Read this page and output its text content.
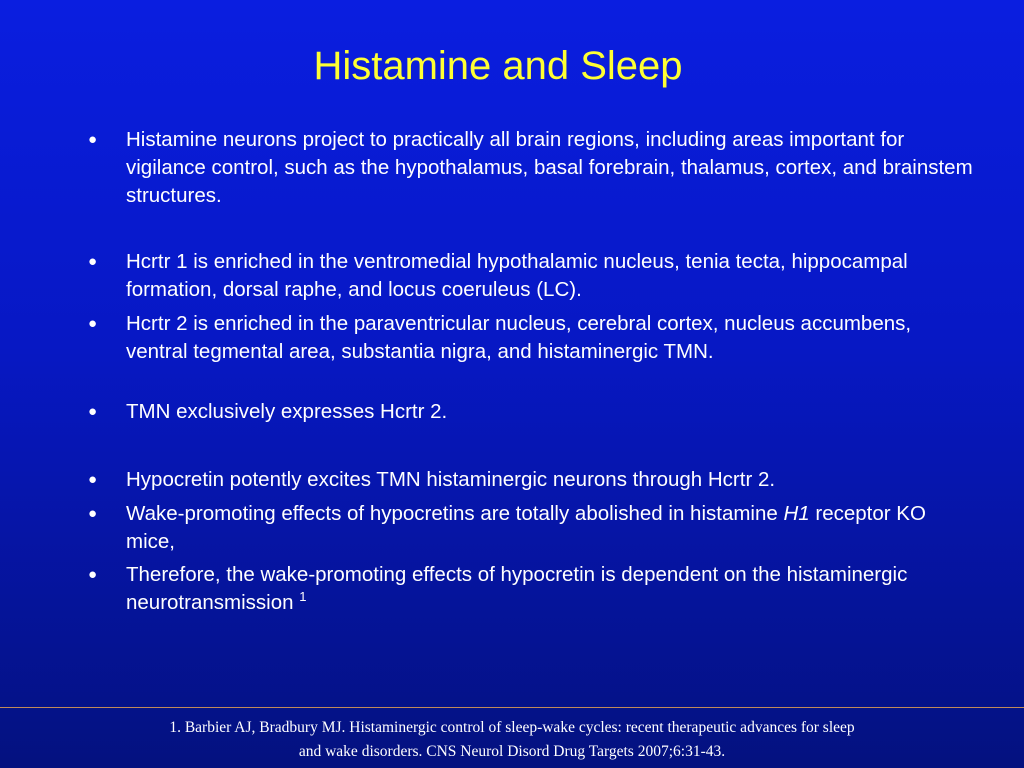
Histamine and Sleep
●	Histamine neurons project to practically all brain regions, including areas important for vigilance control, such as the hypothalamus, basal forebrain, thalamus, cortex, and brainstem structures.
●	Hcrtr 1 is enriched in the ventromedial hypothalamic nucleus, tenia tecta, hippocampal formation, dorsal raphe, and locus coeruleus (LC).
●	Hcrtr 2 is enriched in the paraventricular nucleus, cerebral cortex, nucleus accumbens, ventral tegmental area, substantia nigra, and histaminergic TMN.
●	TMN exclusively expresses Hcrtr 2.
●	Hypocretin potently excites TMN histaminergic neurons through Hcrtr 2.
●	Wake-promoting effects of hypocretins are totally abolished in histamine H1 receptor KO mice,
●	Therefore, the wake-promoting effects of hypocretin is dependent on the histaminergic neurotransmission $^1$
1. Barbier AJ, Bradbury MJ. Histaminergic control of sleep-wake cycles: recent therapeutic advances for sleep
and wake disorders. CNS Neurol Disord Drug Targets 2007;6:31-43.
